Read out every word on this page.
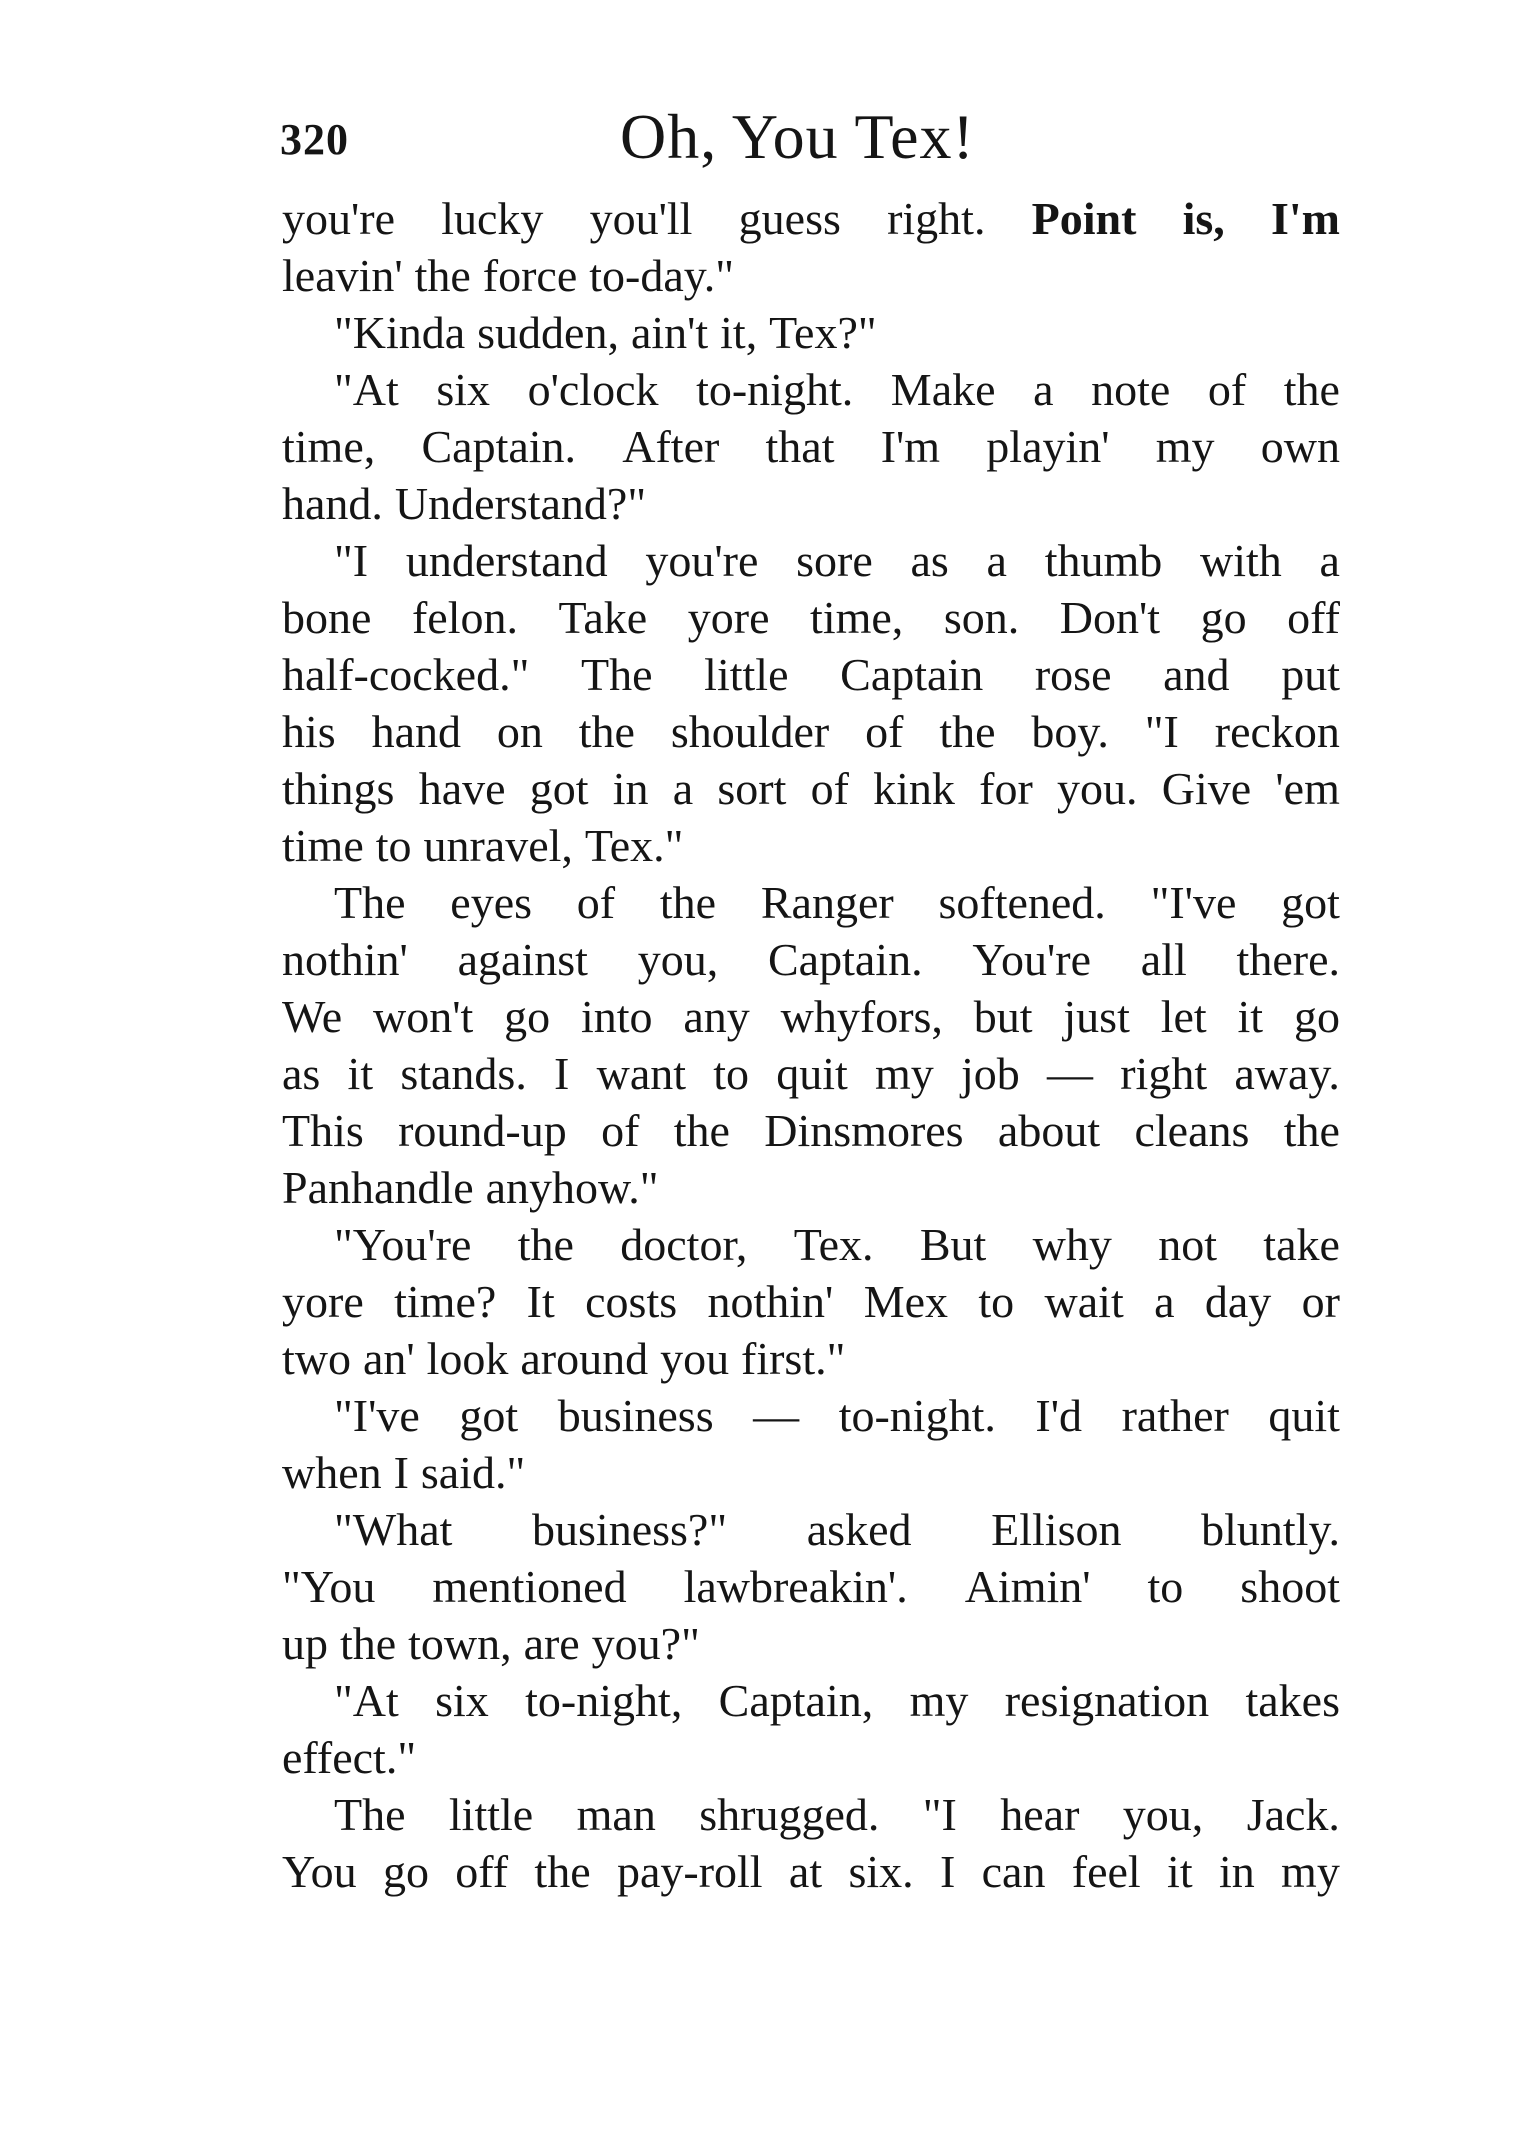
320	Oh, You Tex!
you're lucky you'll guess right. Point is, I'm
leavin' the force to-day."
"Kinda sudden, ain't it, Tex?"
"At six o'clock to-night. Make a note of the
time, Captain. After that I'm playin' my own
hand. Understand?"
"I understand you're sore as a thumb with a
bone felon. Take yore time, son. Don't go off
half-cocked." The little Captain rose and put
his hand on the shoulder of the boy. "I reckon
things have got in a sort of kink for you. Give 'em
time to unravel, Tex."
The eyes of the Ranger softened. "I've got
nothin' against you, Captain. You're all there.
We won't go into any whyfors, but just let it go
as it stands. I want to quit my job — right away.
This round-up of the Dinsmores about cleans the
Panhandle anyhow."
"You're the doctor, Tex. But why not take
yore time? It costs nothin' Mex to wait a day or
two an' look around you first."
"I've got business — to-night. I'd rather quit
when I said."
"What business?" asked Ellison bluntly.
"You mentioned lawbreakin'. Aimin' to shoot
up the town, are you?"
"At six to-night, Captain, my resignation takes
effect."
The little man shrugged. "I hear you, Jack.
You go off the pay-roll at six. I can feel it in my
